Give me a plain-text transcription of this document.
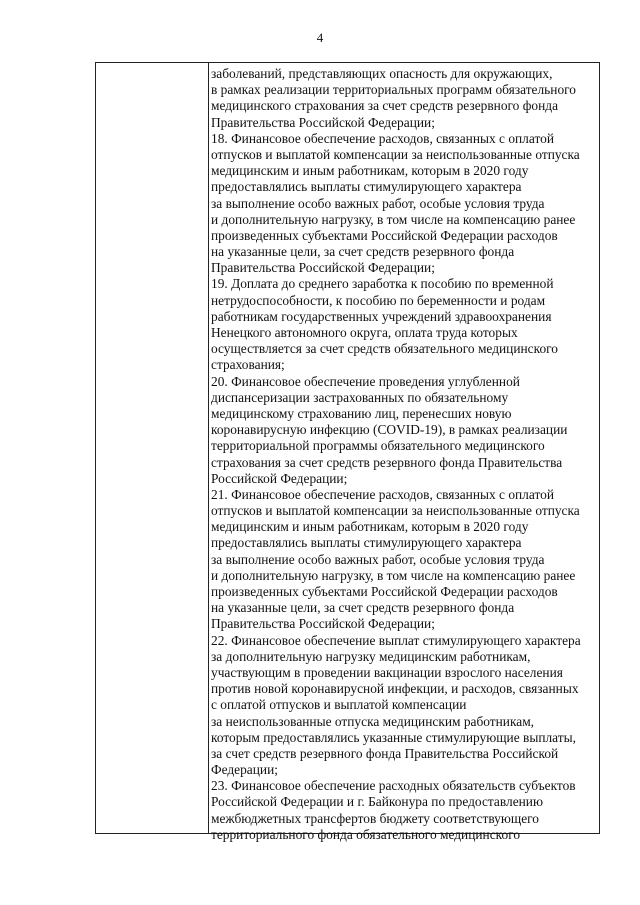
4
заболеваний, представляющих опасность для окружающих,
в рамках реализации территориальных программ обязательного
медицинского страхования за счет средств резервного фонда
Правительства Российской Федерации;
18. Финансовое обеспечение расходов, связанных с оплатой
отпусков и выплатой компенсации за неиспользованные отпуска
медицинским и иным работникам, которым в 2020 году
предоставлялись выплаты стимулирующего характера
за выполнение особо важных работ, особые условия труда
и дополнительную нагрузку, в том числе на компенсацию ранее
произведенных субъектами Российской Федерации расходов
на указанные цели, за счет средств резервного фонда
Правительства Российской Федерации;
19. Доплата до среднего заработка к пособию по временной
нетрудоспособности, к пособию по беременности и родам
работникам государственных учреждений здравоохранения
Ненецкого автономного округа, оплата труда которых
осуществляется за счет средств обязательного медицинского
страхования;
20. Финансовое обеспечение проведения углубленной
диспансеризации застрахованных по обязательному
медицинскому страхованию лиц, перенесших новую
коронавирусную инфекцию (COVID-19), в рамках реализации
территориальной программы обязательного медицинского
страхования за счет средств резервного фонда Правительства
Российской Федерации;
21. Финансовое обеспечение расходов, связанных с оплатой
отпусков и выплатой компенсации за неиспользованные отпуска
медицинским и иным работникам, которым в 2020 году
предоставлялись выплаты стимулирующего характера
за выполнение особо важных работ, особые условия труда
и дополнительную нагрузку, в том числе на компенсацию ранее
произведенных субъектами Российской Федерации расходов
на указанные цели, за счет средств резервного фонда
Правительства Российской Федерации;
22. Финансовое обеспечение выплат стимулирующего характера
за дополнительную нагрузку медицинским работникам,
участвующим в проведении вакцинации взрослого населения
против новой коронавирусной инфекции, и расходов, связанных
с оплатой отпусков и выплатой компенсации
за неиспользованные отпуска медицинским работникам,
которым предоставлялись указанные стимулирующие выплаты,
за счет средств резервного фонда Правительства Российской
Федерации;
23. Финансовое обеспечение расходных обязательств субъектов
Российской Федерации и г. Байконура по предоставлению
межбюджетных трансфертов бюджету соответствующего
территориального фонда обязательного медицинского
